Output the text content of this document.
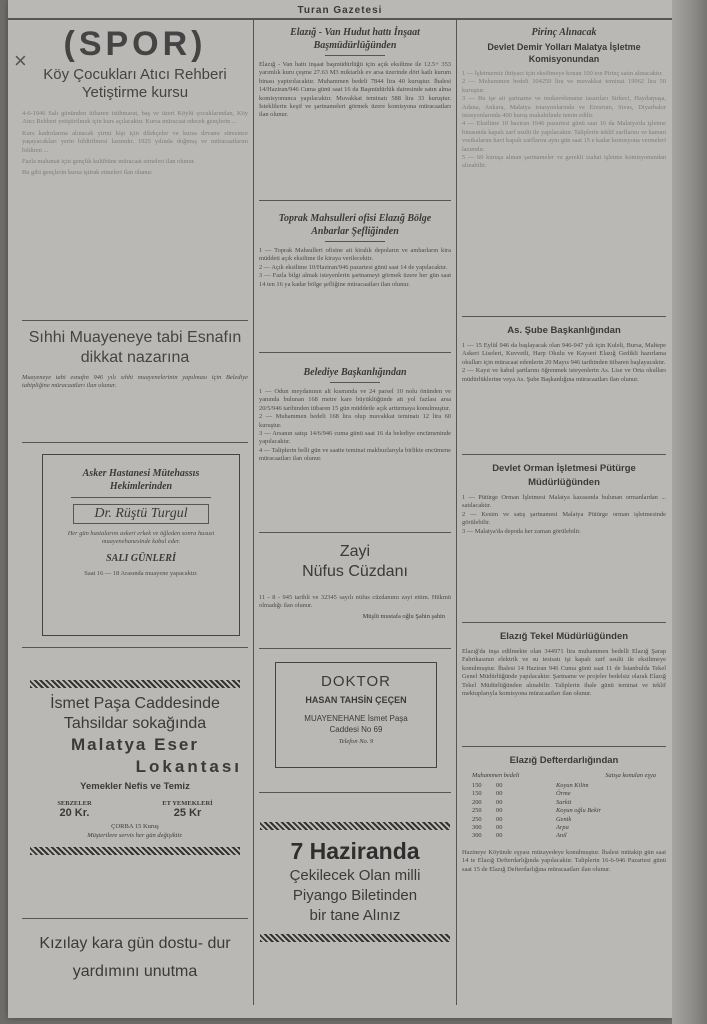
Turan Gazetesi
×	(SPOR)
Köy Çocukları Atıcı Rehberi Yetiştirme kursu

4-6-1946 Salı gününden itibaren istihmarat, baş ve üzeri Köylü çocuklarından, Köy Atıcı Rehberi yetiştirilmek için kurs açılacaktır. Kursa müracaat edecek gençlerin ...

Kurs kadrolarına alınacak yirmi kişi için dilekçeler ve kursa devamı süresince yaşayacakları yerin bildirilmesi lazımdır. 1925 yılında doğmuş ve müracaatlarını bildiren ...

Fazla malumat için gençlik kulübüne müracaat etmeleri ilan olunur.

Bu gibi gençlerin kursa iştirak etmeleri ilan olunur.

Sıhhi Muayeneye tabi Esnafın dikkat nazarına

Muayeneye tabi esnafın 946 yılı sıhhi muayenelerinin yapılması için Belediye tabipliğine müracaatları ilan olunur.

Asker Hastanesi Mütehassıs Hekimlerinden

Dr. Rüştü Turgul

Her gün hastalarını askeri erkek ve öğleden sonra hususi muayenehanesinde kabul eder.

SALI GÜNLERİ

Saat 16 — 18 Arasında muayene yapacaktır.

İsmet Paşa Caddesinde
Tahsildar sokağında
Malatya Eser
Lokantası
Yemekler Nefis ve Temiz
SEBZELER
20 Kr.
ET YEMEKLERİ
25 Kr
ÇORBA 15 Kuruş
Müşterilere servis her gün değişiktir.
Kızılay kara gün dostu- dur yardımını unutma

Elazığ - Van Hudut hattı İnşaat Başmüdürlüğünden

Elazığ - Van hattı inşaat başmüdürlüğü için açık eksiltme ile 12.5+ 353 yarımlık kuru çeşme 27.63 M3 miktarlık ev arsa üzerinde dört katlı kurum binası yaptırılacaktır. Muhammen bedeli 7844 lira 40 kuruştur. İhalesi 14/Haziran/946 Cuma günü saat 16 da Başmüdürlük dairesinde satın alma komisyonunca yapılacaktır. Muvakkat teminatı 588 lira 33 kuruştur. İsteklilerin keşif ve şartnameleri görmek üzere komisyona müracaatları ilan olunur.

Toprak Mahsulleri ofisi Elazığ Bölge Anbarlar Şefliğinden

1 — Toprak Mahsulleri ofisine ait kiralık depoların ve ambarların kira müddeti açık eksiltme ile kiraya verilecektir.

2 — Açık eksiltme 10/Haziran/946 pazartesi günü saat 14 de yapılacaktır.

3 — Fazla bilgi almak isteyenlerin şartnameyi görmek üzere her gün saat 14 ten 16 ya kadar bölge şefliğine müracaatları ilan olunur.

Belediye Başkanlığından

1 — Odun meydanının alt kısmında ve 24 parsel 10 nolu önünden ve yanında bulunan 168 metre kare büyüklüğünde ait yol fazlası arsa 20/5/946 tarihinden itibaren 15 gün müddetle açık arttırmaya konulmuştur.

2 — Muhammen bedeli 168 lira olup muvakkat teminatı 12 lira 60 kuruştur.

3 — Arsanın satışı 14/6/946 cuma günü saat 16 da belediye encümeninde yapılacaktır.

4 — Taliplerin belli gün ve saatte teminat makbuzlarıyla birlikte encümene müracaatları ilan olunur.

Zayi
Nüfus Cüzdanı

11 - 8 - 945 tarihli ve 32345 sayılı nüfus cüzdanımı zayi ettim. Hükmü olmadığı ilan olunur.

Müşlü mustafa oğlu Şahin şahin

DOKTOR
HASAN TAHSİN ÇEÇEN
MUAYENEHANE İsmet Paşa
Caddesi No 69
Telefon No. 9
7 Haziranda
Çekilecek Olan milli
Piyango Biletinden
bir tane Alınız

Pirinç Alınacak

Devlet Demir Yolları Malatya İşletme Komisyonundan

1 — İşletmemiz ihtiyacı için eksiltmeye konan 100 ton Pirinç satın alınacaktır.

2 — Muhammen bedeli 104250 lira ve muvakkat teminat 19962 lira 50 kuruştur.

3 — Bu işe ait şartname ve mukavelename tasarıları Sirkeci, Haydarpaşa, Adana, Ankara, Malatya istasyonlarında ve Erzurum, Sivas, Diyarbakır istasyonlarında 400 kuruş mukabilinde temin edilir.

4 — Eksiltme 10 haziran 1946 pazartesi günü saat 16 da Malatya'da işletme binasında kapalı zarf usulü ile yapılacaktır. Taliplerin teklif zarflarını ve kanuni vesikalarını havi kapalı zarflarını aynı gün saat 15 e kadar komisyona vermeleri lazımdır.

5 — 60 kuruşa alınan şartnameler ve gerekli izahat işletme komisyonundan alınabilir.

As. Şube Başkanlığından

1 — 15 Eylül 946 da başlayacak olan 946-947 yılı için Kuleli, Bursa, Maltepe Askeri Liseleri, Kuvvetli, Harp Okulu ve Kayseri Elazığ Gedikli hazırlama okulları için müracaat edenlerin 20 Mayıs 946 tarihinden itibaren başlayacaktır.

2 — Kayıt ve kabul şartlarını öğrenmek isteyenlerin As. Lise ve Orta okulları müdürlüklerine veya As. Şube Başkanlığına müracaatları ilan olunur.

Devlet Orman İşletmesi Pütürge Müdürlüğünden

1 — Pütürge Orman İşletmesi Malatya kazasında bulunan ormanlardan ... satılacaktır.

2 — Kesim ve satış şartnamesi Malatya Pütürge orman işletmesinde görülebilir.

3 — Malatya'da depoda her zaman görülebilir.

Elazığ Tekel Müdürlüğünden

Elazığ'da inşa edilmekte olan 344971 lira muhammen bedelli Elazığ Şarap Fabrikasının elektrik ve su tesisatı işi kapalı zarf usulü ile eksiltmeye konulmuştur. İhalesi 14 Haziran 946 Cuma günü saat 11 de İstanbulda Tekel Genel Müdürlüğünde yapılacaktır. Şartname ve projeler bedelsiz olarak Elazığ Tekel Müdürlüğünden alınabilir. Taliplerin ihale günü teminat ve teklif mektuplarıyla komisyona müracaatları ilan olunur.

Elazığ Defterdarlığından

Muhammen bedeli	Satışa konulan eşya
150	00	Koyun Kilim
150	00	Örme
200	00	Sarkit
250	00	Koyun oğlu Bekir
250	00	Genik
300	00	Arpa
300	00	Anil

Hazineye Köyünde eşyası müzayedeye konulmuştur. İhalesi mütakip gün saat 14 te Elazığ Defterdarlığında yapılacaktır. Taliplerin 16-6-946 Pazartesi günü saat 15 de Elazığ Defterdarlığına müracaatları ilan olunur.
